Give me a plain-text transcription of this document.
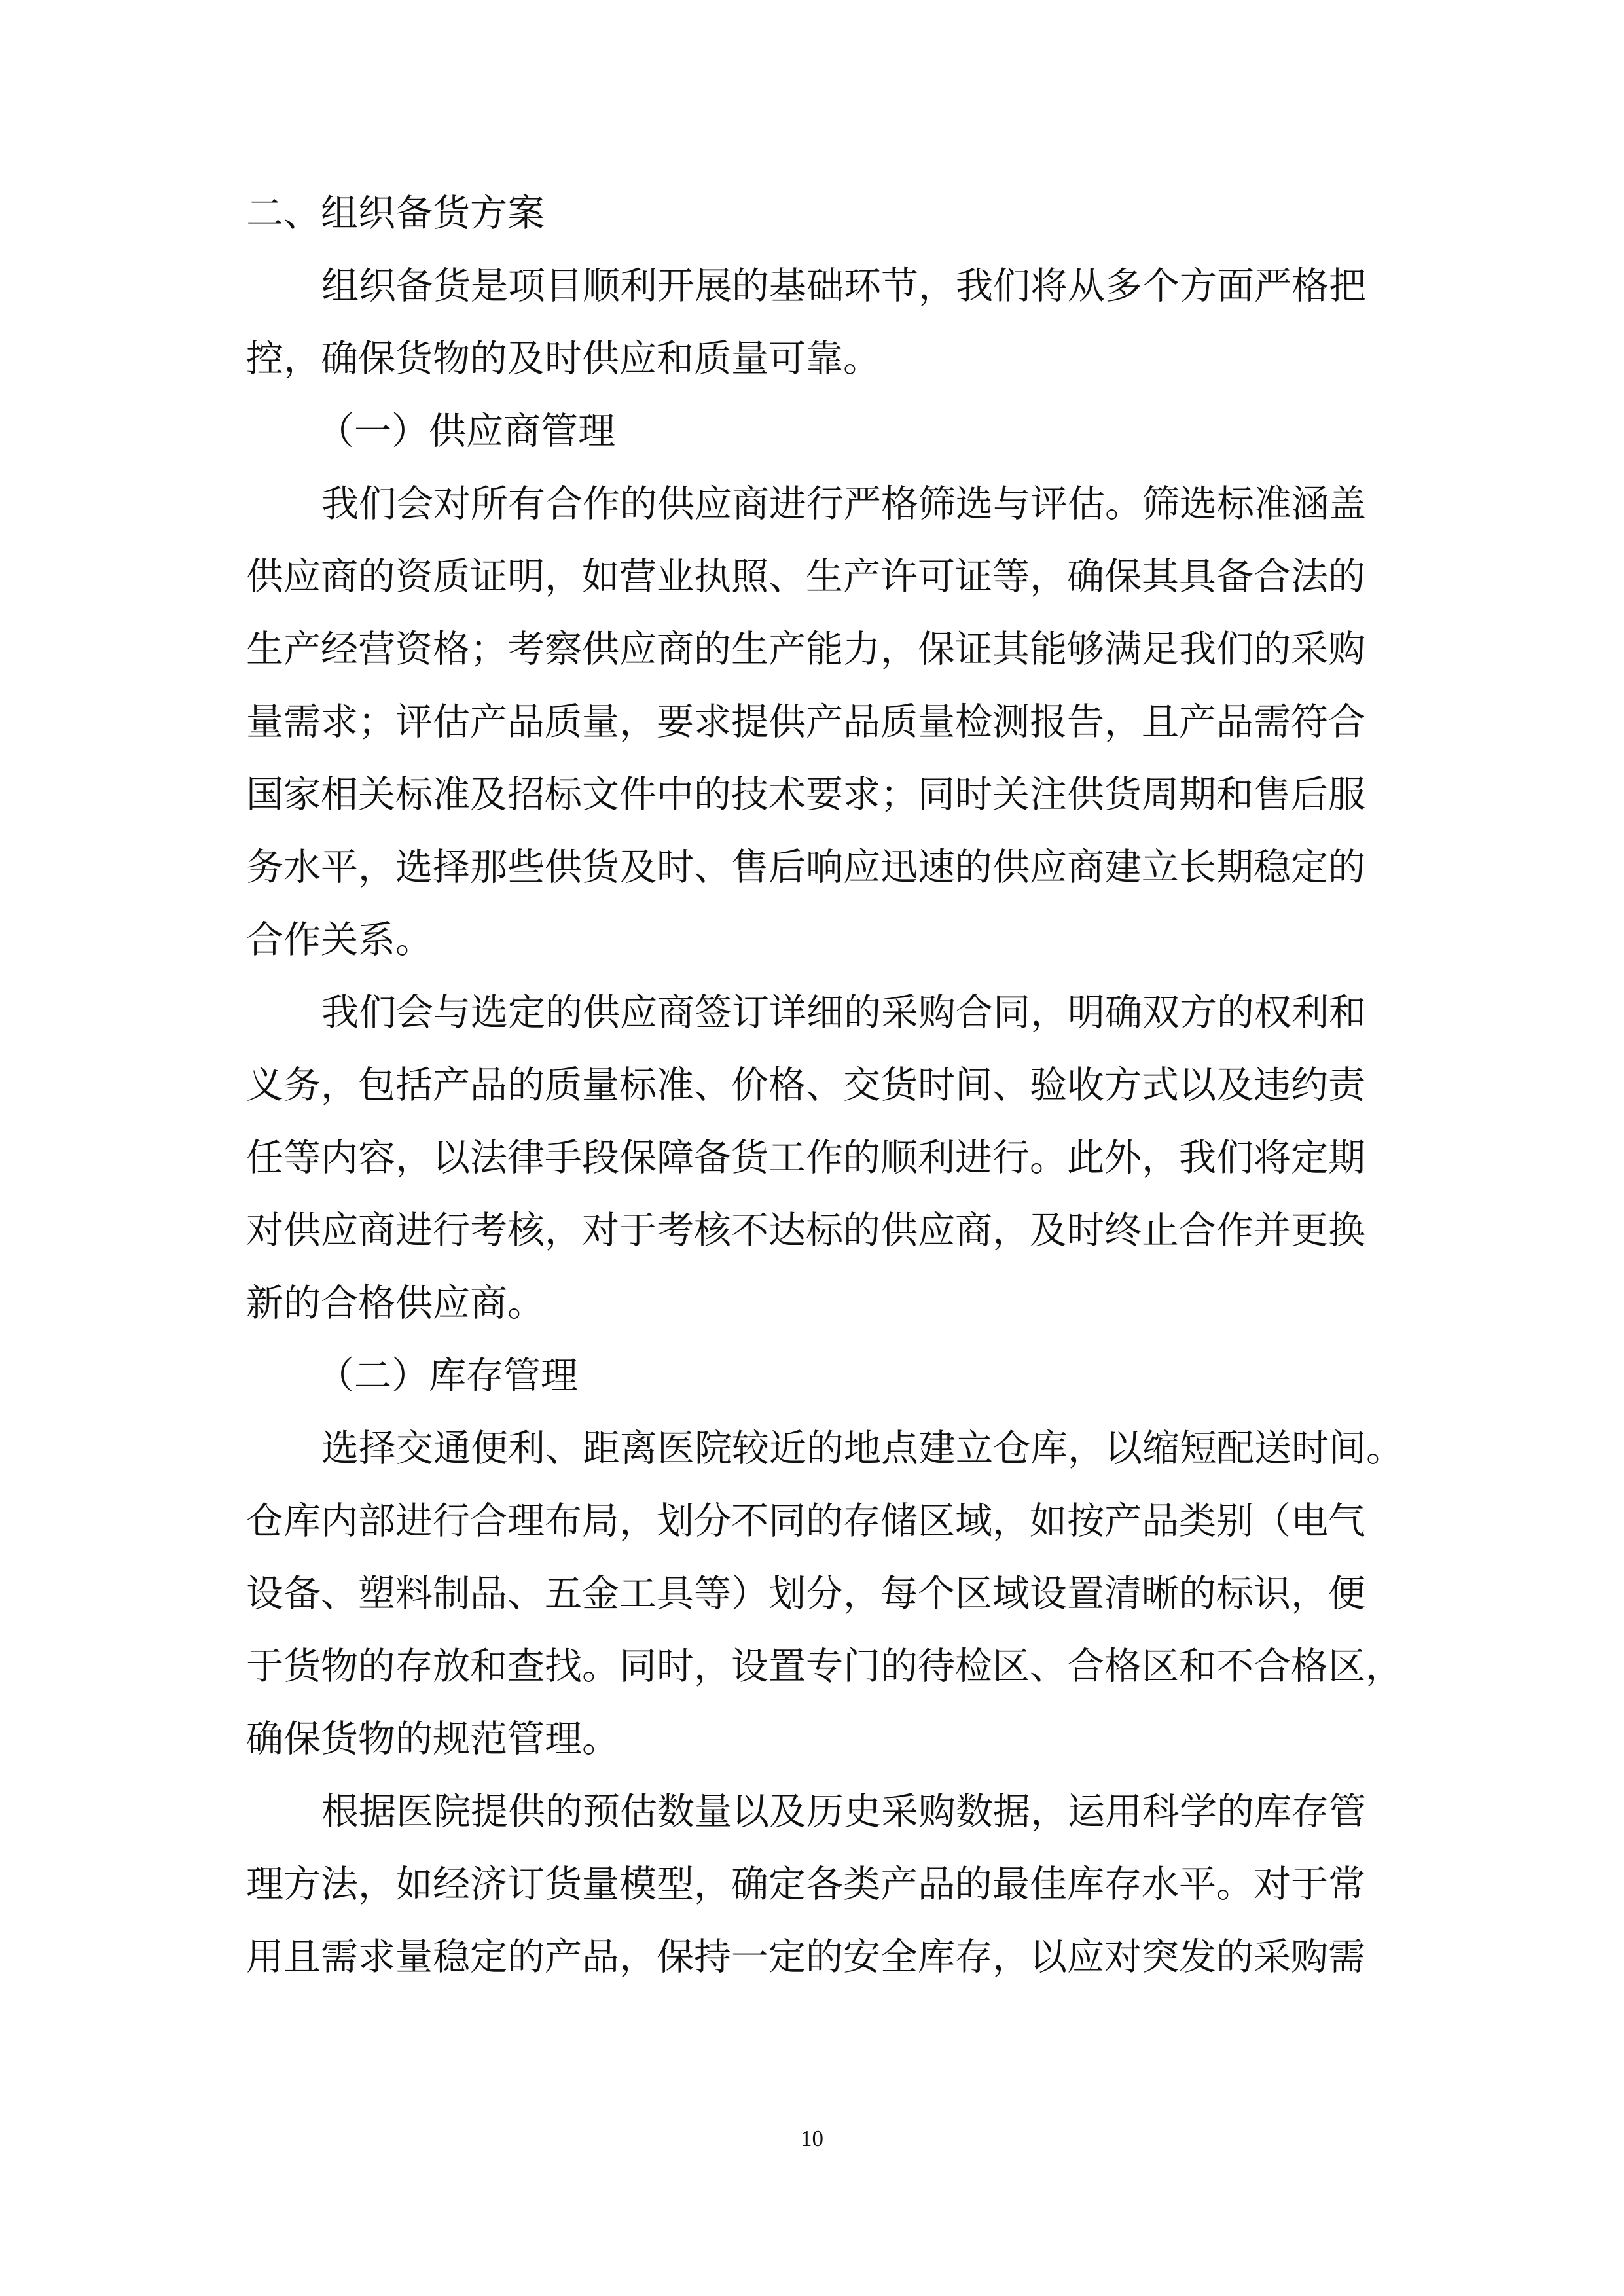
二、组织备货方案
组织备货是项目顺利开展的基础环节，我们将从多个方面严格把
控，确保货物的及时供应和质量可靠。
（一）供应商管理
我们会对所有合作的供应商进行严格筛选与评估。筛选标准涵盖
供应商的资质证明，如营业执照、生产许可证等，确保其具备合法的
生产经营资格；考察供应商的生产能力，保证其能够满足我们的采购
量需求；评估产品质量，要求提供产品质量检测报告，且产品需符合
国家相关标准及招标文件中的技术要求；同时关注供货周期和售后服
务水平，选择那些供货及时、售后响应迅速的供应商建立长期稳定的
合作关系。
我们会与选定的供应商签订详细的采购合同，明确双方的权利和
义务，包括产品的质量标准、价格、交货时间、验收方式以及违约责
任等内容，以法律手段保障备货工作的顺利进行。此外，我们将定期
对供应商进行考核，对于考核不达标的供应商，及时终止合作并更换
新的合格供应商。
（二）库存管理
选择交通便利、距离医院较近的地点建立仓库，以缩短配送时间。
仓库内部进行合理布局，划分不同的存储区域，如按产品类别（电气
设备、塑料制品、五金工具等）划分，每个区域设置清晰的标识，便
于货物的存放和查找。同时，设置专门的待检区、合格区和不合格区，
确保货物的规范管理。
根据医院提供的预估数量以及历史采购数据，运用科学的库存管
理方法，如经济订货量模型，确定各类产品的最佳库存水平。对于常
用且需求量稳定的产品，保持一定的安全库存，以应对突发的采购需
10
